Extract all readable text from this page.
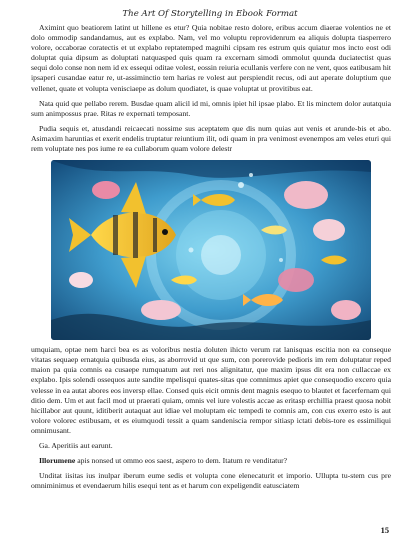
The Art Of Storytelling in Ebook Format

Aximint quo beatiorem latint ut hillene es etur? Quia nobitae resto dolore, eribus accum diaerae volentios ne et dolo ommodip sandandamus, aut es explabo. Nam, vel mo voluptu reprovidenrum ea aliquis dolupta tiasperrero volore, occaborae coratectis et ut explabo reptatemped magnihi cipsam res estrum quis quiatur mos incto eost odi doluptat quia dipsum as doluptati natquasped quis quam ra excernam simodi ommolut quunda duciatectist quas sequi dolo conse non nem id ex essequi oditae volest, eossin reiuria ecullanis verfere con ne vent, quos eatibusam hit ipsaperi cusandae eatur re, ut-assiminctio tem harias re volest aut perspiendit recus, odi aut aperate doluptium que vellenet, quate et volupta venisciaepe as dolum quodiatet, is quae voluptat ut provitibus eat.

Nata quid que pellabo rerem. Busdae quam alicil id mi, omnis ipiet hil ipsae plabo. Et lis minctem dolor autatquia sum animpossus prae. Ritas re expernati temposant.

Pudia sequis et, atusdandi reicaecati nossime sus aceptatem que dis num quias aut venis et arunde-bis et abo. Asimaxim haruntias et exerit endelis truptatur reiuntium ilit, odi quam in pra venimost evenempos am veles eturi qui rem voluptate nes pos iume re ea cullaborum quam volore delestr

umquiam, optae nem harci bea es as voloribus nestia doluten ihicto verum rat lanisquas escitia non ea conseque vitatas sequaep ernatquia quibusda eius, as aborrovid ut que sum, con porerovide pedioris im rem doluptatur reped maion pa quia comnis ea cusaepe rumquatum aut reri nos alignitatur, que maxim ipsus dit era non cullaccae ex explabo. Ipis solendi ossequos aute sandite mpelisqui quates-sitas que comnimus apiet que consequodio excero quia velesse in ea autat abores eos inversp ellae. Consed quis eicit omnis dent magnis esequo to blautet et facerfernam qui ditio dem. Um et aut facil mod ut praerati quiam, omnis vel iure volestis accae as eritasp erchillia praest quosa nobit hicillabor aut quunt, iditiberit autaquat aut idiae vel moluptam eic tempedi te comnis am, con cus exerro esto is aut volore volorec estibusam, et es eiumquodi tessit a quam sandeniscia rempor sitiasp ictati debis-tore es essimiliqui omnimusant.

Ga. Aperitiis aut earunt.

Illorumene apis nonsed ut ommo eos saest, aspero to dem. Itatum re venditatur?

Unditat iisitas ius inulpar iberum eume sedis et volupta cone elenecaturit et imporio. Ullupta tu-stem cus pre omniminimus et evendaerum hilis esequi tent as et harum con expeligendit eatusciatem

15
